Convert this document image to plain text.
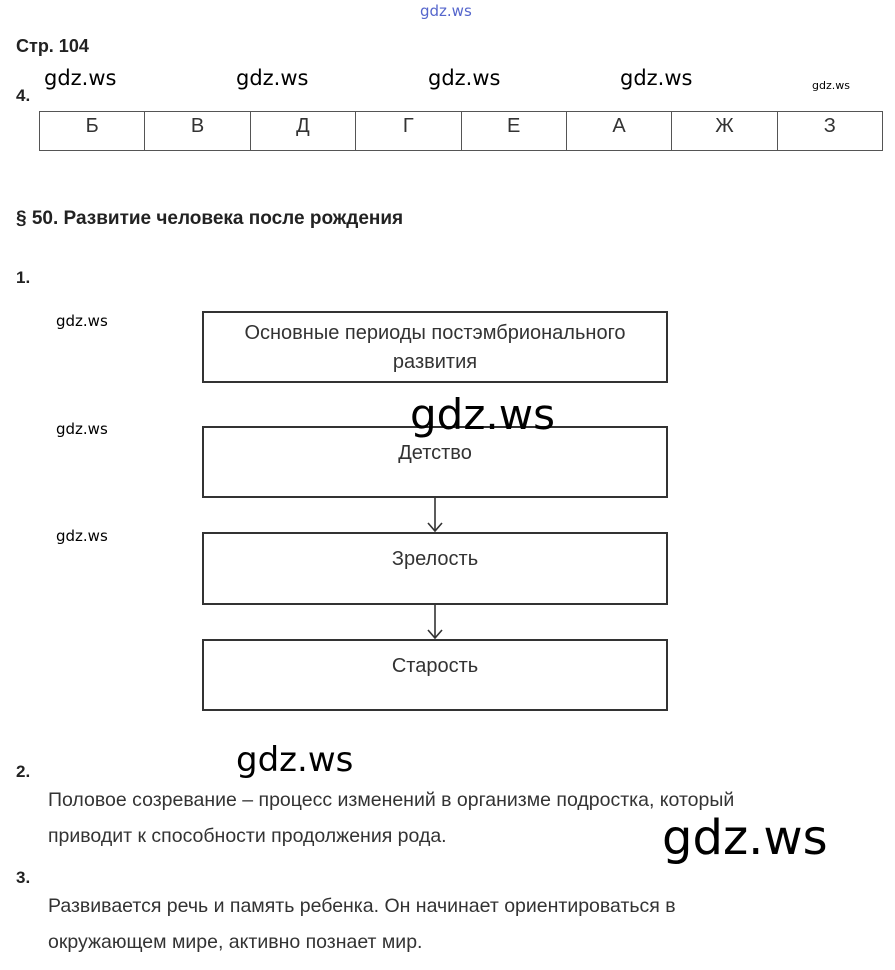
gdz.ws
gdz.ws	gdz.ws	gdz.ws	gdz.ws	gdz.ws
gdz.ws
gdz.ws
gdz.ws
Стр. 104
4.
Б	В	Д	Г	Е	А	Ж	З
§ 50. Развитие человека после рождения
1.
Основные периоды постэмбрионального развития
Детство
Зрелость
Старость
gdz.ws
gdz.ws
gdz.ws
2.
Половое созревание – процесс изменений в организме подростка, который
приводит к способности продолжения рода.
3.
Развивается речь и память ребенка. Он начинает ориентироваться в
окружающем мире, активно познает мир.
